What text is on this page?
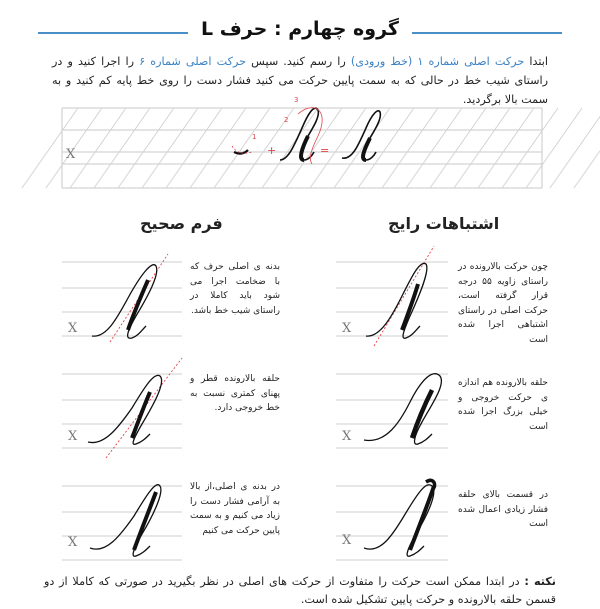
گروه چهارم : حرف L
ابتدا حرکت اصلی شماره ۱ (خط ورودی) را رسم کنید. سپس حرکت اصلی شماره ۶ را اجرا کنید و در راستای شیب خط در حالی که به سمت پایین حرکت می کنید فشار دست را روی خط پایه کم کنید و به سمت بالا برگردید.
X
1
+
2
3
=
فرم صحیح	اشتباهات رایج
X
بدنه ی اصلی حرف که با ضخامت اجرا می شود باید کاملا در راستای شیب خط باشد.
X
حلقه بالارونده قطر و پهنای کمتری نسبت به خط خروجی دارد.
X
در بدنه ی اصلی،از بالا به آرامی فشار دست را زیاد می کنیم و به سمت پایین حرکت می کنیم
X
چون حرکت بالارونده در راستای زاویه ۵۵ درجه قرار گرفته است، حرکت اصلی در راستای اشتباهی اجرا شده است
X
حلقه بالارونده هم اندازه ی حرکت خروجی و خیلی بزرگ اجرا شده است
X
در قسمت بالای حلقه فشار زیادی اعمال شده است
نکته : در ابتدا ممکن است حرکت را متفاوت از حرکت های اصلی در نظر بگیرید در صورتی که کاملا از دو قسمن حلقه بالارونده و حرکت پایین تشکیل شده است.
